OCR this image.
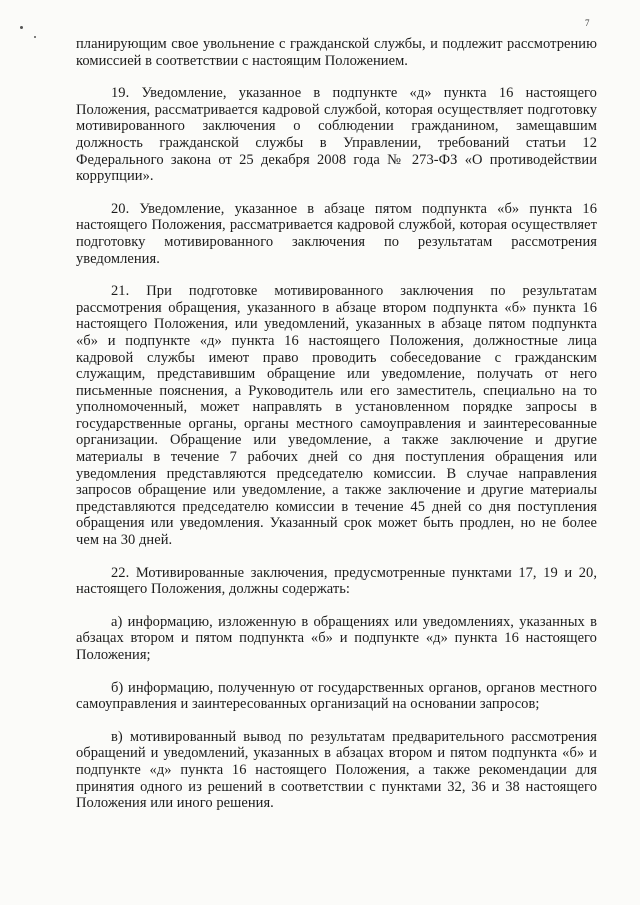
7

планирующим свое увольнение с гражданской службы, и подлежит рассмотрению комиссией в соответствии с настоящим Положением.

19. Уведомление, указанное в подпункте «д» пункта 16 настоящего Положения, рассматривается кадровой службой, которая осуществляет подготовку мотивированного заключения о соблюдении гражданином, замещавшим должность гражданской службы в Управлении, требований статьи 12 Федерального закона от 25 декабря 2008 года № 273-ФЗ «О противодействии коррупции».

20. Уведомление, указанное в абзаце пятом подпункта «б» пункта 16 настоящего Положения, рассматривается кадровой службой, которая осуществляет подготовку мотивированного заключения по результатам рассмотрения уведомления.

21. При подготовке мотивированного заключения по результатам рассмотрения обращения, указанного в абзаце втором подпункта «б» пункта 16 настоящего Положения, или уведомлений, указанных в абзаце пятом подпункта «б» и подпункте «д» пункта 16 настоящего Положения, должностные лица кадровой службы имеют право проводить собеседование с гражданским служащим, представившим обращение или уведомление, получать от него письменные пояснения, а Руководитель или его заместитель, специально на то уполномоченный, может направлять в установленном порядке запросы в государственные органы, органы местного самоуправления и заинтересованные организации. Обращение или уведомление, а также заключение и другие материалы в течение 7 рабочих дней со дня поступления обращения или уведомления представляются председателю комиссии. В случае направления запросов обращение или уведомление, а также заключение и другие материалы представляются председателю комиссии в течение 45 дней со дня поступления обращения или уведомления. Указанный срок может быть продлен, но не более чем на 30 дней.

22. Мотивированные заключения, предусмотренные пунктами 17, 19 и 20, настоящего Положения, должны содержать:

а) информацию, изложенную в обращениях или уведомлениях, указанных в абзацах втором и пятом подпункта «б» и подпункте «д» пункта 16 настоящего Положения;

б) информацию, полученную от государственных органов, органов местного самоуправления и заинтересованных организаций на основании запросов;

в) мотивированный вывод по результатам предварительного рассмотрения обращений и уведомлений, указанных в абзацах втором и пятом подпункта «б» и подпункте «д» пункта 16 настоящего Положения, а также рекомендации для принятия одного из решений в соответствии с пунктами 32, 36 и 38 настоящего Положения или иного решения.
